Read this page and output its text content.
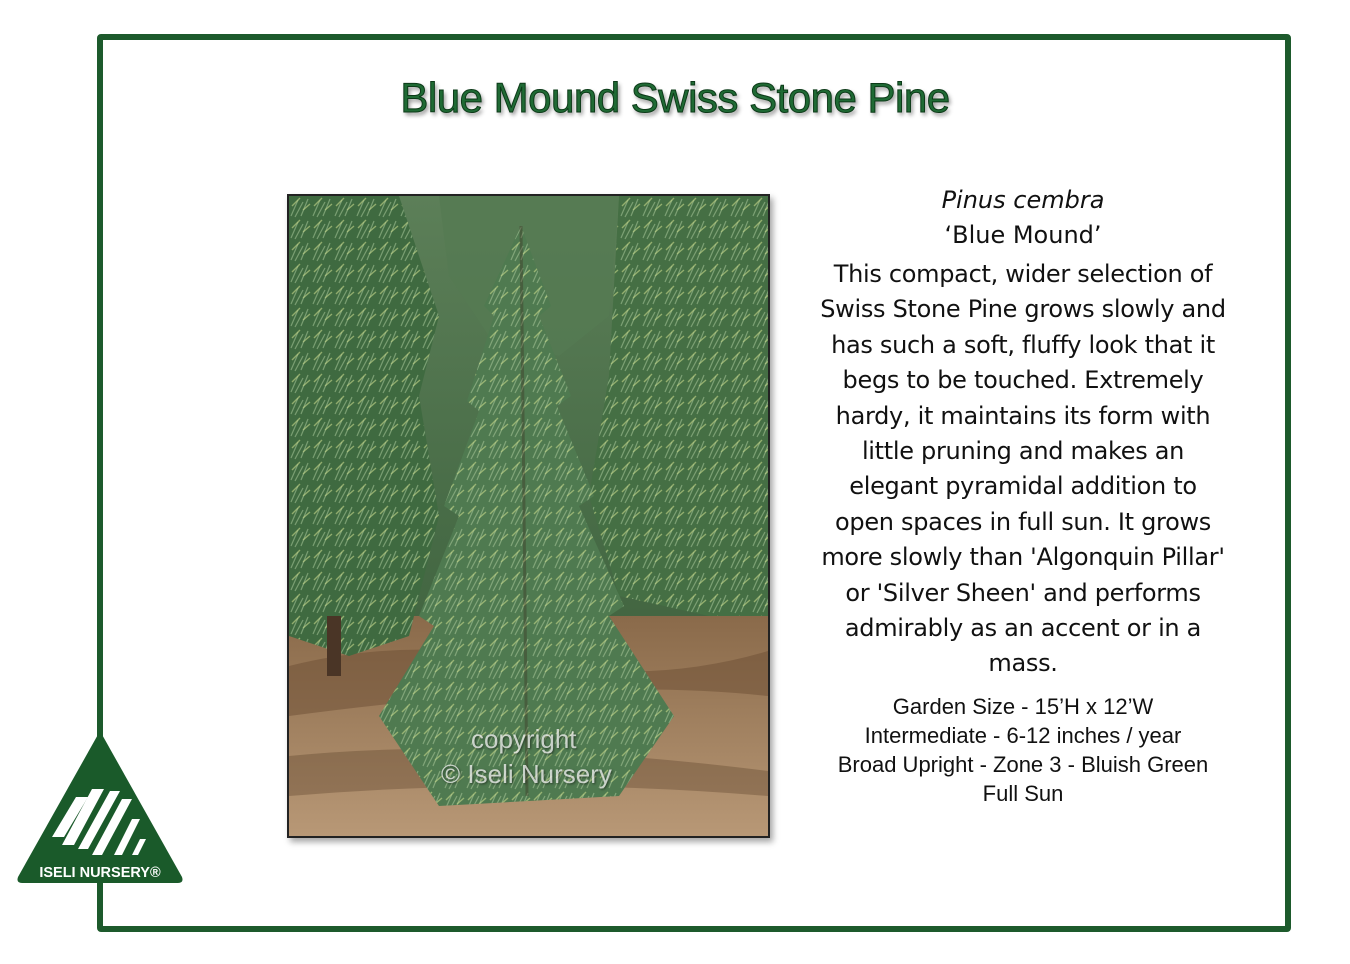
Blue Mound Swiss Stone Pine
copyright
© Iseli Nursery
Pinus cembra
‘Blue Mound’
This compact, wider selection of Swiss Stone Pine grows slowly and has such a soft, fluffy look that it begs to be touched. Extremely hardy, it maintains its form with little pruning and makes an elegant pyramidal addition to open spaces in full sun. It grows more slowly than 'Algonquin Pillar' or 'Silver Sheen' and performs admirably as an accent or in a mass.
Garden Size - 15’H x 12’W
Intermediate - 6-12 inches / year
Broad Upright - Zone 3 - Bluish Green
Full Sun
ISELI NURSERY®
